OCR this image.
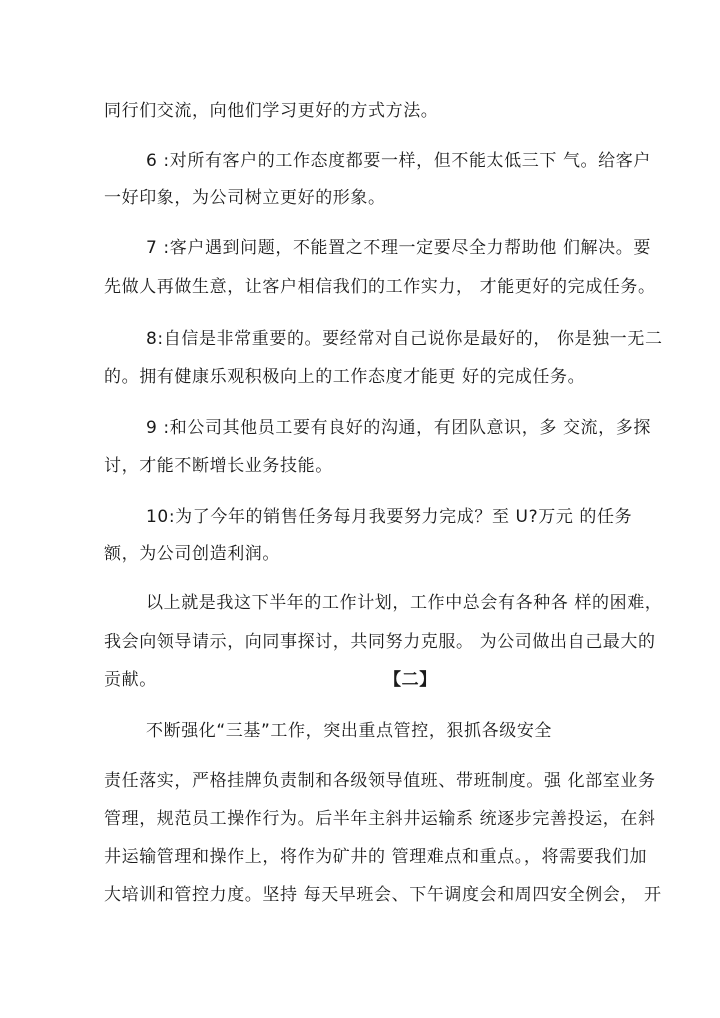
同行们交流，向他们学习更好的方式方法。
6 :对所有客户的工作态度都要一样，但不能太低三下 气。给客户
一好印象，为公司树立更好的形象。
7 :客户遇到问题，不能置之不理一定要尽全力帮助他 们解决。要
先做人再做生意，让客户相信我们的工作实力， 才能更好的完成任务。
8:自信是非常重要的。要经常对自己说你是最好的， 你是独一无二
的。拥有健康乐观积极向上的工作态度才能更 好的完成任务。
9 :和公司其他员工要有良好的沟通，有团队意识，多 交流，多探
讨，才能不断增长业务技能。
10:为了今年的销售任务每月我要努力完成？至 U?万元 的任务
额，为公司创造利润。
以上就是我这下半年的工作计划，工作中总会有各种各 样的困难，
我会向领导请示，向同事探讨，共同努力克服。 为公司做出自己最大的
贡献。	【二】
不断强化“三基”工作，突出重点管控，狠抓各级安全
责任落实，严格挂牌负责制和各级领导值班、带班制度。强 化部室业务
管理，规范员工操作行为。后半年主斜井运输系 统逐步完善投运，在斜
井运输管理和操作上，将作为矿井的 管理难点和重点。，将需要我们加
大培训和管控力度。坚持 每天早班会、下午调度会和周四安全例会， 开
